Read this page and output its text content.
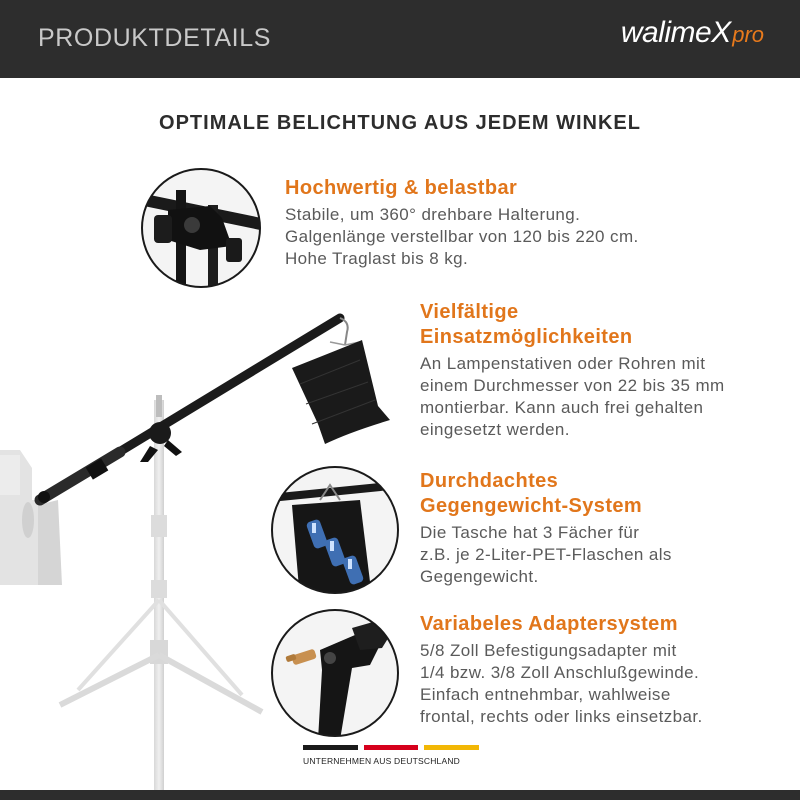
PRODUKTDETAILS	walimeXpro
OPTIMALE BELICHTUNG AUS JEDEM WINKEL
Hochwertig & belastbar
Stabile, um 360° drehbare Halterung.
Galgenlänge verstellbar von 120 bis 220 cm.
Hohe Traglast bis 8 kg.
Vielfältige
Einsatzmöglichkeiten
An Lampenstativen oder Rohren mit
einem Durchmesser von 22 bis 35 mm
montierbar. Kann auch frei gehalten
eingesetzt werden.
Durchdachtes
Gegengewicht-System
Die Tasche hat 3 Fächer für
z.B. je 2-Liter-PET-Flaschen als
Gegengewicht.
Variabeles Adaptersystem
5/8 Zoll Befestigungsadapter mit
1/4 bzw. 3/8 Zoll Anschlußgewinde.
Einfach entnehmbar, wahlweise
frontal, rechts oder links einsetzbar.
UNTERNEHMEN AUS DEUTSCHLAND
